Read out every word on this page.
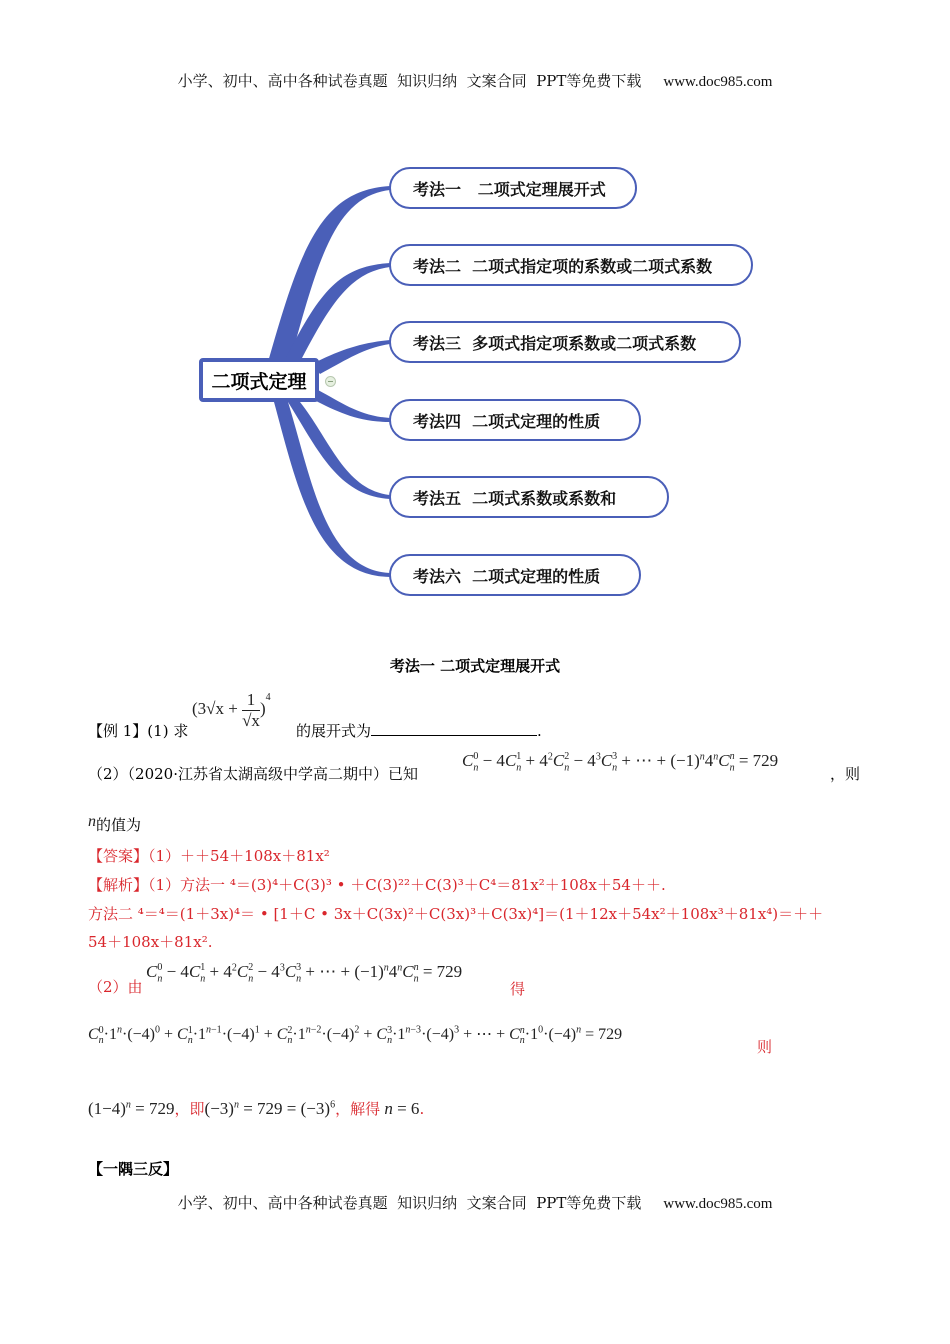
小学、初中、高中各种试卷真题  知识归纳  文案合同  PPT等免费下载 www.doc985.com
二项式定理
考法一   二项式定理展开式
考法二  二项式指定项的系数或二项式系数
考法三  多项式指定项系数或二项式系数
考法四  二项式定理的性质
考法五  二项式系数或系数和
考法六  二项式定理的性质
考法一 二项式定理展开式
【例 1】(1) 求
$(3√x + \frac{1}{√x} )^4$
的展开式为	.
（2）（2020·江苏省太湖高级中学高二期中）已知
$C_n^0 - 4C_n^1 + 4^2C_n^2 - 4^3C_n^3$ + ⋯ + $(-1)^n4^nC_n^n = 729$
，则
n的值为
【答案】（1）＋＋54＋108x＋81x²
【解析】（1）方法一 ⁴＝(3)⁴＋C(3)³ • ＋C(3)²²＋C(3)³＋C⁴＝81x²＋108x＋54＋＋.
方法二 ⁴＝⁴＝(1＋3x)⁴＝ • [1＋C • 3x＋C(3x)²＋C(3x)³＋C(3x)⁴]＝(1＋12x＋54x²＋108x³＋81x⁴)＝＋＋
54＋108x＋81x².
（2）由
$C_n^0 - 4C_n^1 + 4^2C_n^2 - 4^3C_n^3$ + ⋯ + $(-1)^n4^nC_n^n = 729$
得
$C_n^0\cdot 1^n\cdot(-4)^0 + C_n^1\cdot 1^{n-1}\cdot(-4)^1 + C_n^2\cdot 1^{n-2}\cdot(-4)^2 + C_n^3\cdot 1^{n-3}\cdot(-4)^3$ + ⋯ + $C_n^n\cdot 1^0\cdot(-4)^n = 729$
则
$(1-4)^n = 729$，即$(-3)^n = 729 = (-3)^6$，解得 n = 6.
【一隅三反】
小学、初中、高中各种试卷真题  知识归纳  文案合同  PPT等免费下载 www.doc985.com
